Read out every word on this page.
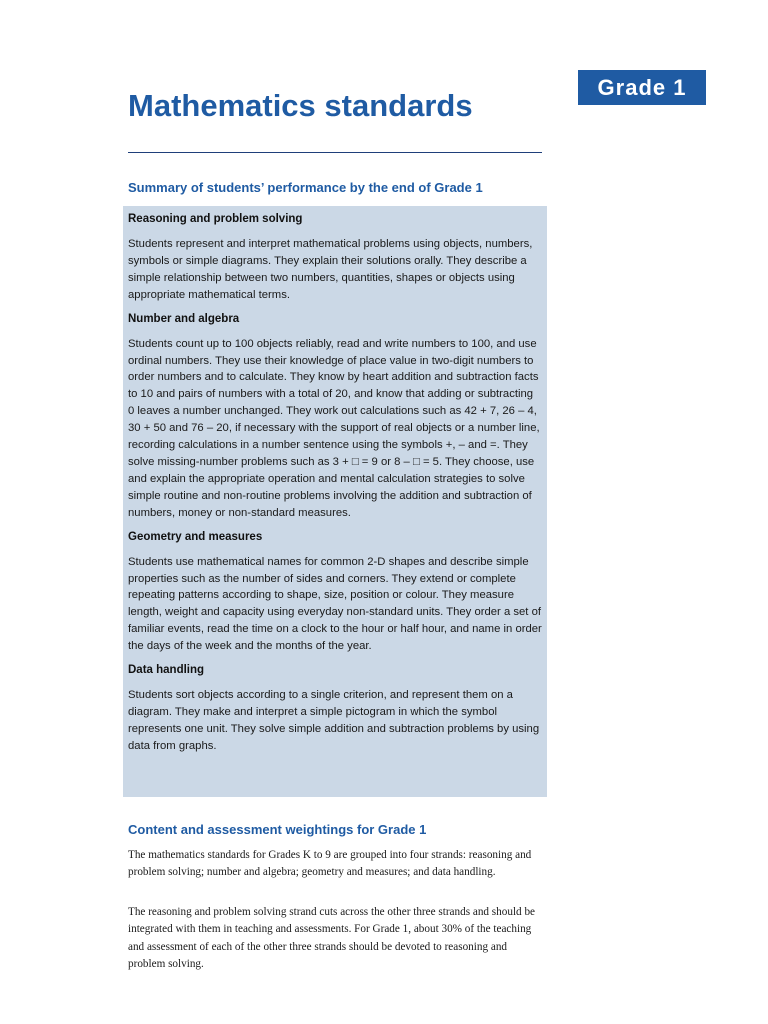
Grade 1
Mathematics standards
Summary of students’ performance by the end of Grade 1
Reasoning and problem solving

Students represent and interpret mathematical problems using objects, numbers, symbols or simple diagrams. They explain their solutions orally. They describe a simple relationship between two numbers, quantities, shapes or objects using appropriate mathematical terms.

Number and algebra

Students count up to 100 objects reliably, read and write numbers to 100, and use ordinal numbers. They use their knowledge of place value in two-digit numbers to order numbers and to calculate. They know by heart addition and subtraction facts to 10 and pairs of numbers with a total of 20, and know that adding or subtracting 0 leaves a number unchanged. They work out calculations such as 42 + 7, 26 – 4, 30 + 50 and 76 – 20, if necessary with the support of real objects or a number line, recording calculations in a number sentence using the symbols +, – and =. They solve missing-number problems such as 3 + □ = 9 or 8 – □ = 5. They choose, use and explain the appropriate operation and mental calculation strategies to solve simple routine and non-routine problems involving the addition and subtraction of numbers, money or non-standard measures.

Geometry and measures

Students use mathematical names for common 2-D shapes and describe simple properties such as the number of sides and corners. They extend or complete repeating patterns according to shape, size, position or colour. They measure length, weight and capacity using everyday non-standard units. They order a set of familiar events, read the time on a clock to the hour or half hour, and name in order the days of the week and the months of the year.

Data handling

Students sort objects according to a single criterion, and represent them on a diagram. They make and interpret a simple pictogram in which the symbol represents one unit. They solve simple addition and subtraction problems by using data from graphs.

Content and assessment weightings for Grade 1

The mathematics standards for Grades K to 9 are grouped into four strands: reasoning and problem solving; number and algebra; geometry and measures; and data handling.

The reasoning and problem solving strand cuts across the other three strands and should be integrated with them in teaching and assessments. For Grade 1, about 30% of the teaching and assessment of each of the other three strands should be devoted to reasoning and problem solving.
